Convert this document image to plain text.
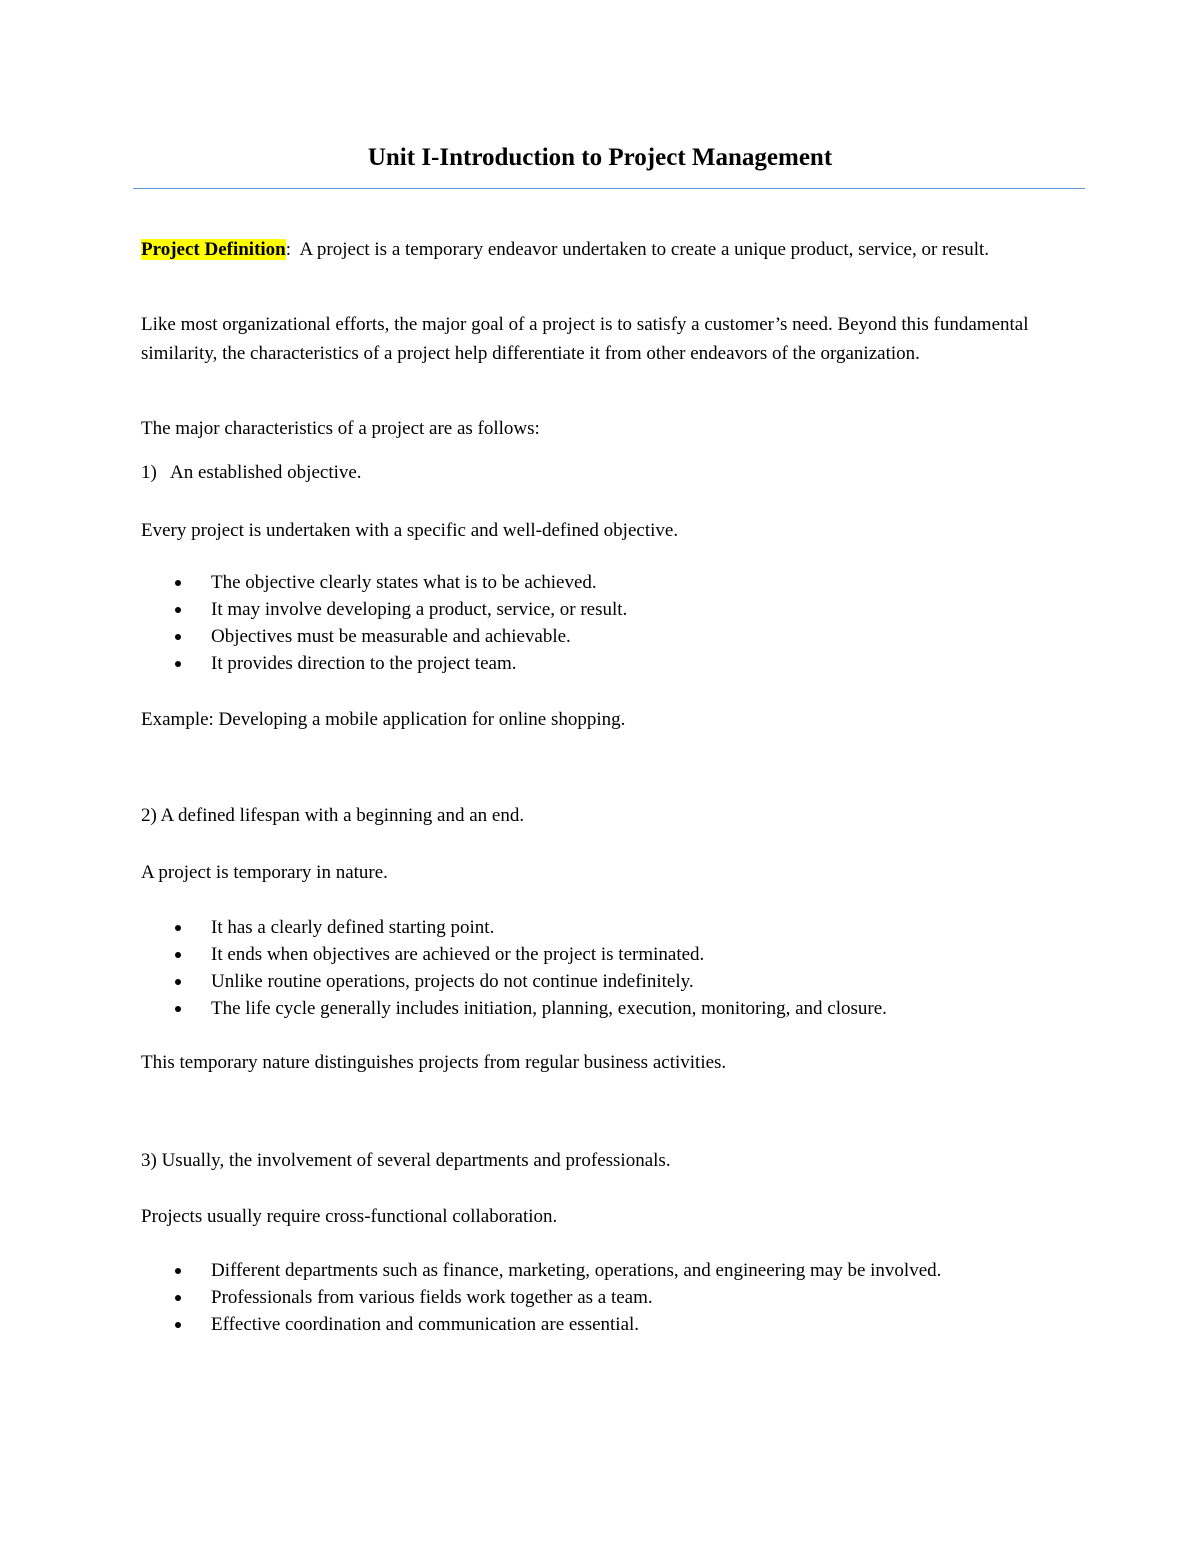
Unit I-Introduction to Project Management

Project Definition:  A project is a temporary endeavor undertaken to create a unique product, service, or result.

Like most organizational efforts, the major goal of a project is to satisfy a customer’s need. Beyond this fundamental similarity, the characteristics of a project help differentiate it from other endeavors of the organization.

The major characteristics of a project are as follows:

1)   An established objective.

Every project is undertaken with a specific and well-defined objective.

The objective clearly states what is to be achieved.
It may involve developing a product, service, or result.
Objectives must be measurable and achievable.
It provides direction to the project team.

Example: Developing a mobile application for online shopping.

2) A defined lifespan with a beginning and an end.

A project is temporary in nature.

It has a clearly defined starting point.
It ends when objectives are achieved or the project is terminated.
Unlike routine operations, projects do not continue indefinitely.
The life cycle generally includes initiation, planning, execution, monitoring, and closure.

This temporary nature distinguishes projects from regular business activities.

3) Usually, the involvement of several departments and professionals.

Projects usually require cross-functional collaboration.

Different departments such as finance, marketing, operations, and engineering may be involved.
Professionals from various fields work together as a team.
Effective coordination and communication are essential.
